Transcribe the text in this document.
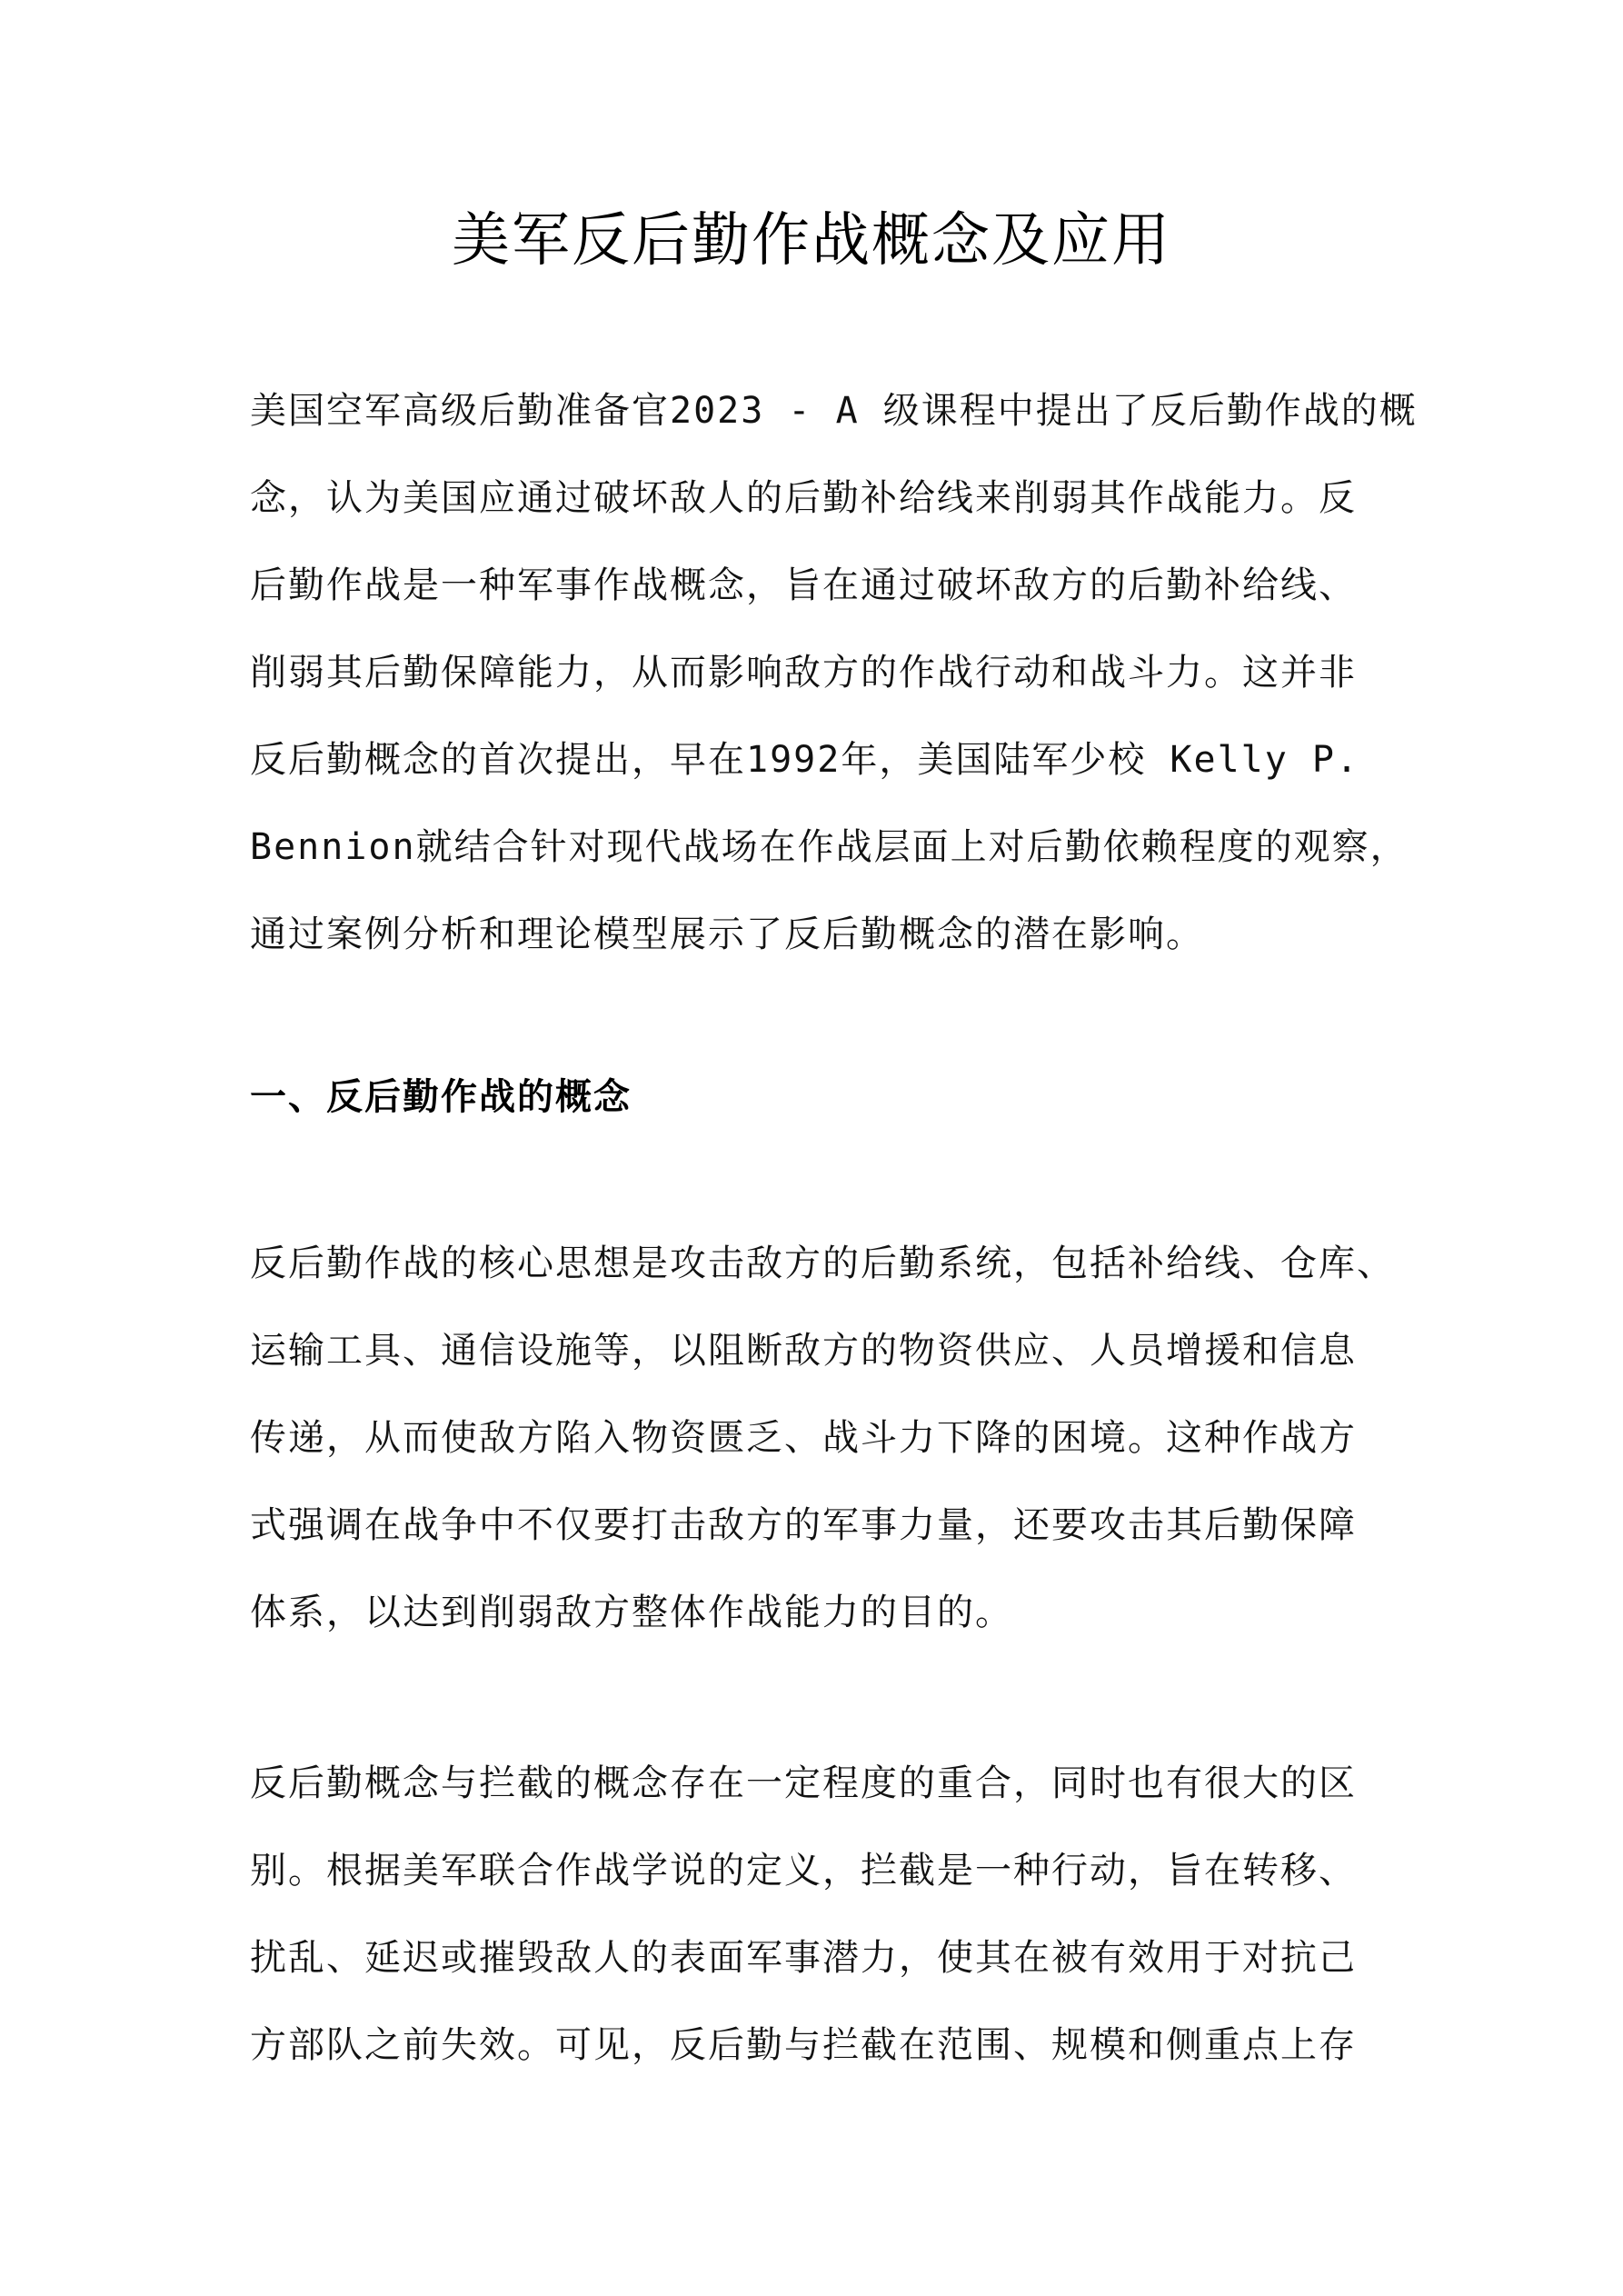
美军反后勤作战概念及应用
美国空军高级后勤准备官2023 - A 级课程中提出了反后勤作战的概
念，认为美国应通过破坏敌人的后勤补给线来削弱其作战能力。反
后勤作战是一种军事作战概念，旨在通过破坏敌方的后勤补给线、
削弱其后勤保障能力，从而影响敌方的作战行动和战斗力。这并非
反后勤概念的首次提出，早在1992年，美国陆军少校 Kelly P.
Bennion就结合针对现代战场在作战层面上对后勤依赖程度的观察，
通过案例分析和理论模型展示了反后勤概念的潜在影响。
一、反后勤作战的概念
反后勤作战的核心思想是攻击敌方的后勤系统，包括补给线、仓库、
运输工具、通信设施等，以阻断敌方的物资供应、人员增援和信息
传递，从而使敌方陷入物资匮乏、战斗力下降的困境。这种作战方
式强调在战争中不仅要打击敌方的军事力量，还要攻击其后勤保障
体系，以达到削弱敌方整体作战能力的目的。
反后勤概念与拦截的概念存在一定程度的重合，同时也有很大的区
别。根据美军联合作战学说的定义，拦截是一种行动，旨在转移、
扰乱、延迟或摧毁敌人的表面军事潜力，使其在被有效用于对抗己
方部队之前失效。可见，反后勤与拦截在范围、规模和侧重点上存
